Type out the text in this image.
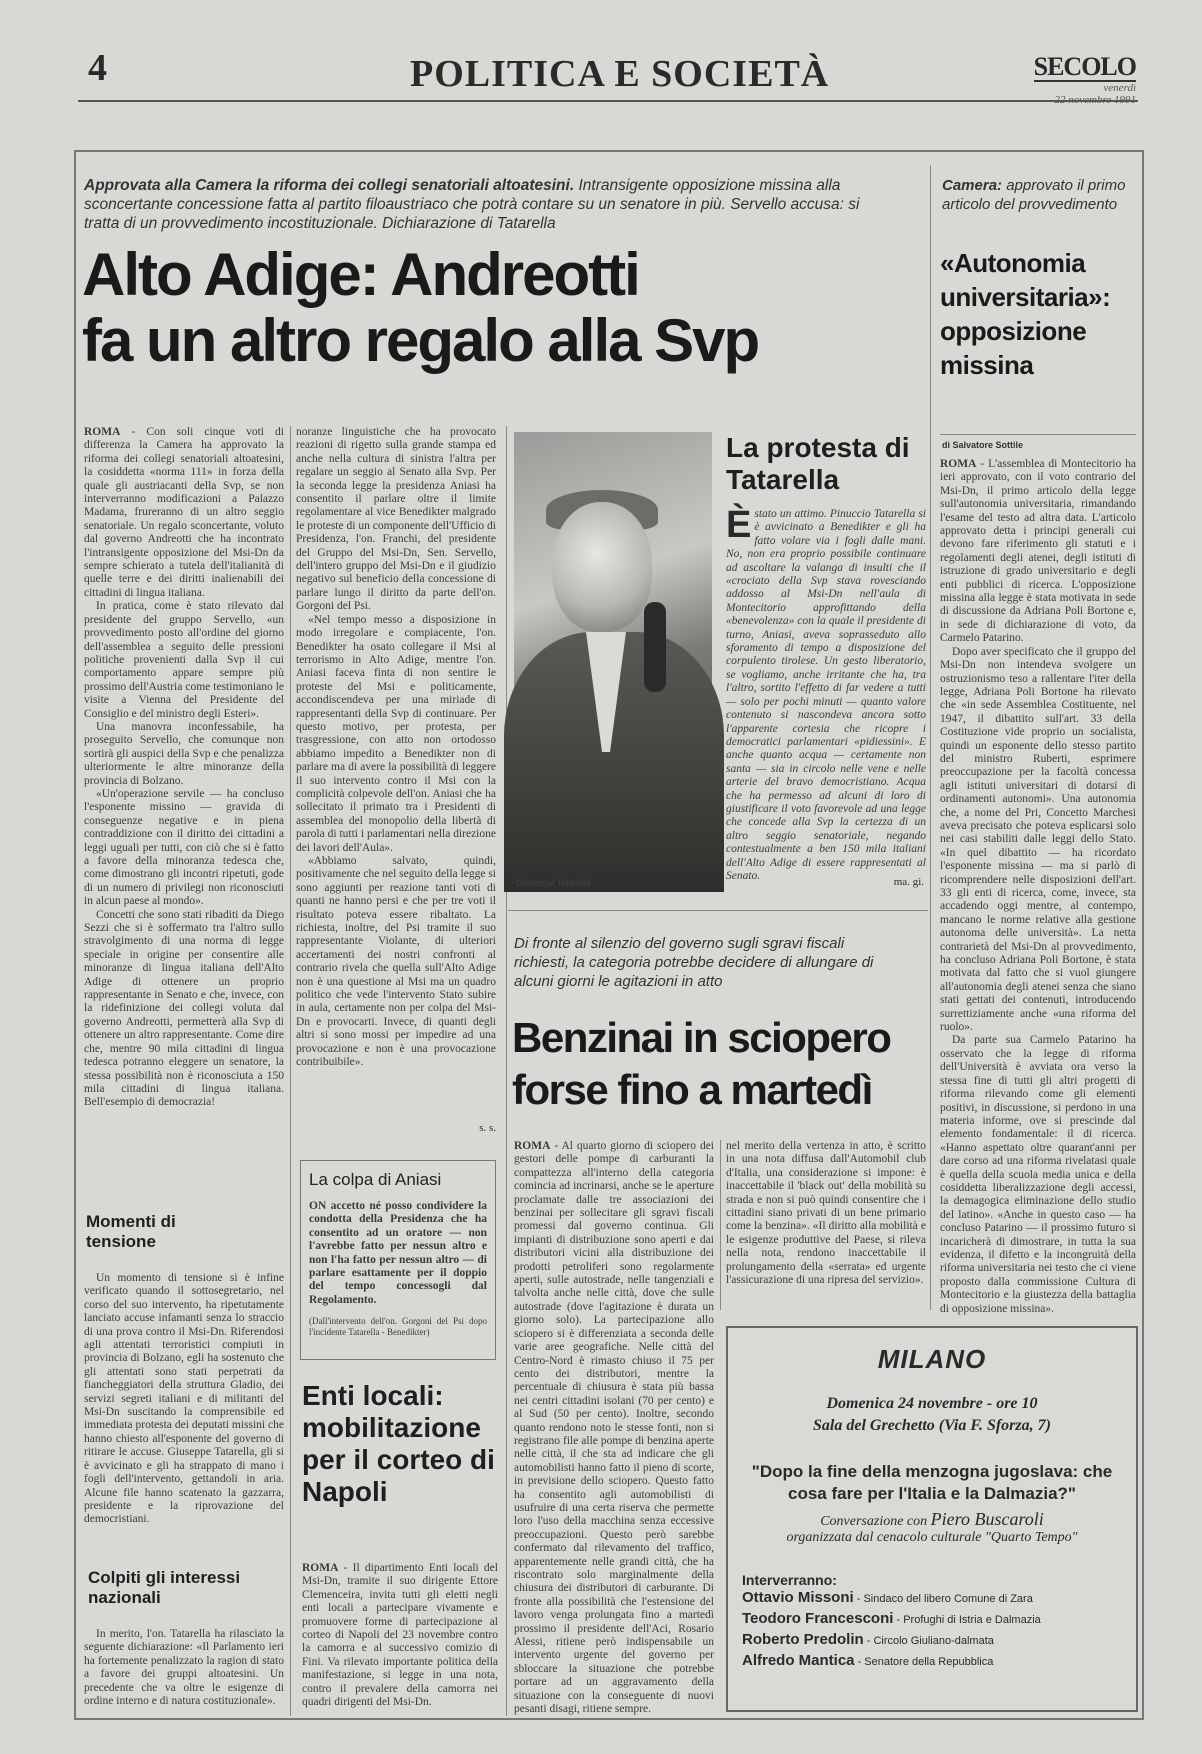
4	POLITICA E SOCIETÀ	SECOLO
venerdì
Approvata alla Camera la riforma dei collegi senatoriali altoatesini. Intransigente opposizione missina alla sconcertante concessione fatta al partito filoaustriaco che potrà contare su un senatore in più. Servello accusa: si tratta di un provvedimento incostituzionale. Dichiarazione di Tatarella
Alto Adige: Andreotti
fa un altro regalo alla Svp

ROMA - Con soli cinque voti di differenza la Camera ha approvato la riforma dei collegi senatoriali altoatesini, la cosiddetta «norma 111» in forza della quale gli austriacanti della Svp, se non interverranno modificazioni a Palazzo Madama, frureranno di un altro seggio senatoriale. Un regalo sconcertante, voluto dal governo Andreotti che ha incontrato l'intransigente opposizione del Msi-Dn da sempre schierato a tutela dell'italianità di quelle terre e dei diritti inalienabili dei cittadini di lingua italiana.

In pratica, come è stato rilevato dal presidente del gruppo Servello, «un provvedimento posto all'ordine del giorno dell'assemblea a seguito delle pressioni politiche provenienti dalla Svp il cui comportamento appare sempre più prossimo dell'Austria come testimoniano le visite a Vienna del Presidente del Consiglio e del ministro degli Esteri».

Una manovra inconfessabile, ha proseguito Servello, che comunque non sortirà gli auspici della Svp e che penalizza ulteriormente le altre minoranze della provincia di Bolzano.

«Un'operazione servile — ha concluso l'esponente missino — gravida di conseguenze negative e in piena contraddizione con il diritto dei cittadini a leggi uguali per tutti, con ciò che si è fatto a favore della minoranza tedesca che, come dimostrano gli incontri ripetuti, gode di un numero di privilegi non riconosciuti in alcun paese al mondo».

Concetti che sono stati ribaditi da Diego Sezzi che si è soffermato tra l'altro sullo stravolgimento di una norma di legge speciale in origine per consentire alle minoranze di lingua italiana dell'Alto Adige di ottenere un proprio rappresentante in Senato e che, invece, con la ridefinizione dei collegi voluta dal governo Andreotti, permetterà alla Svp di ottenere un altro rappresentante. Come dire che, mentre 90 mila cittadini di lingua tedesca potranno eleggere un senatore, la stessa possibilità non è riconosciuta a 150 mila cittadini di lingua italiana. Bell'esempio di democrazia!

Momenti di tensione

Un momento di tensione si è infine verificato quando il sottosegretario, nel corso del suo intervento, ha ripetutamente lanciato accuse infamanti senza lo straccio di una prova contro il Msi-Dn. Riferendosi agli attentati terroristici compiuti in provincia di Bolzano, egli ha sostenuto che gli attentati sono stati perpetrati da fiancheggiatori della struttura Gladio, dei servizi segreti italiani e di militanti del Msi-Dn suscitando la comprensibile ed immediata protesta dei deputati missini che hanno chiesto all'esponente del governo di ritirare le accuse. Giuseppe Tatarella, gli si è avvicinato e gli ha strappato di mano i fogli dell'intervento, gettandoli in aria. Alcune file hanno scatenato la gazzarra, presidente e la riprovazione del democristiani.

Colpiti gli interessi nazionali

In merito, l'on. Tatarella ha rilasciato la seguente dichiarazione: «Il Parlamento ieri ha fortemente penalizzato la ragion di stato a favore dei gruppi altoatesini. Un precedente che va oltre le esigenze di ordine interno e di natura costituzionale».

noranze linguistiche che ha provocato reazioni di rigetto sulla grande stampa ed anche nella cultura di sinistra l'altra per regalare un seggio al Senato alla Svp. Per la seconda legge la presidenza Aniasi ha consentito il parlare oltre il limite regolamentare al vice Benedikter malgrado le proteste di un componente dell'Ufficio di Presidenza, l'on. Franchi, del presidente del Gruppo del Msi-Dn, Sen. Servello, dell'intero gruppo del Msi-Dn e il giudizio negativo sul beneficio della concessione di parlare lungo il diritto da parte dell'on. Gorgoni del Psi.

«Nel tempo messo a disposizione in modo irregolare e compiacente, l'on. Benedikter ha osato collegare il Msi al terrorismo in Alto Adige, mentre l'on. Aniasi faceva finta di non sentire le proteste del Msi e politicamente, accondiscendeva per una miriade di rappresentanti della Svp di continuare. Per questo motivo, per protesta, per trasgressione, con atto non ortodosso abbiamo impedito a Benedikter non di parlare ma di avere la possibilità di leggere il suo intervento contro il Msi con la complicità colpevole dell'on. Aniasi che ha sollecitato il primato tra i Presidenti di assemblea del monopolio della libertà di parola di tutti i parlamentari nella direzione dei lavori dell'Aula».

«Abbiamo salvato, quindi, positivamente che nel seguito della legge si sono aggiunti per reazione tanti voti di quanti ne hanno persi e che per tre voti il risultato poteva essere ribaltato. La richiesta, inoltre, del Psi tramite il suo rappresentante Violante, di ulteriori accertamenti dei nostri confronti al contrario rivela che quella sull'Alto Adige non è una questione al Msi ma un quadro politico che vede l'intervento Stato subire in aula, certamente non per colpa del Msi-Dn e provocarti. Invece, di quanti degli altri si sono mossi per impedire ad una provocazione e non è una provocazione contribuibile».

s. s.
La colpa di Aniasi
ON accetto né posso condividere la condotta della Presidenza che ha consentito ad un oratore — non l'avrebbe fatto per nessun altro e non l'ha fatto per nessun altro — di parlare esattamente per il doppio del tempo concessogli dal Regolamento.
(Dall'intervento dell'on. Gorgoni del Psi dopo l'incidente Tatarella - Benedikter)
Enti locali: mobilitazione per il corteo di Napoli

ROMA - Il dipartimento Enti locali del Msi-Dn, tramite il suo dirigente Ettore Clemenceira, invita tutti gli eletti negli enti locali a partecipare vivamente e promuovere forme di partecipazione al corteo di Napoli del 23 novembre contro la camorra e al successivo comizio di Fini. Va rilevato importante politica della manifestazione, si legge in una nota, contro il prevalere della camorra nei quadri dirigenti del Msi-Dn.

Giuseppe Tatarella
La protesta di Tatarella
È stato un attimo. Pinuccio Tatarella si è avvicinato a Benedikter e gli ha fatto volare via i fogli dalle mani. No, non era proprio possibile continuare ad ascoltare la valanga di insulti che il «crociato della Svp stava rovesciando addosso al Msi-Dn nell'aula di Montecitorio approfittando della «benevolenza» con la quale il presidente di turno, Aniasi, aveva soprasseduto allo sforamento di tempo a disposizione del corpulento tirolese. Un gesto liberatorio, se vogliamo, anche irritante che ha, tra l'altro, sortito l'effetto di far vedere a tutti — solo per pochi minuti — quanto valore contenuto si nascondeva ancora sotto l'apparente cortesia che ricopre i democratici parlamentari «pidiessini». E anche quanto acqua — certamente non santa — sia in circolo nelle vene e nelle arterie del bravo democristiano. Acqua che ha permesso ad alcuni di loro di giustificare il voto favorevole ad una legge che concede alla Svp la certezza di un altro seggio senatoriale, negando contestualmente a ben 150 mila italiani dell'Alto Adige di essere rappresentati al Senato.
ma. gi.
Di fronte al silenzio del governo sugli sgravi fiscali richiesti, la categoria potrebbe decidere di allungare di alcuni giorni le agitazioni in atto
Benzinai in sciopero
forse fino a martedì

ROMA - Al quarto giorno di sciopero dei gestori delle pompe di carburanti la compattezza all'interno della categoria comincia ad incrinarsi, anche se le aperture proclamate dalle tre associazioni dei benzinai per sollecitare gli sgravi fiscali promessi dal governo continua. Gli impianti di distribuzione sono aperti e dai distributori vicini alla distribuzione dei prodotti petroliferi sono regolarmente aperti, sulle autostrade, nelle tangenziali e talvolta anche nelle città, dove che sulle autostrade (dove l'agitazione è durata un giorno solo). La partecipazione allo sciopero si è differenziata a seconda delle varie aree geografiche. Nelle città del Centro-Nord è rimasto chiuso il 75 per cento dei distributori, mentre la percentuale di chiusura è stata più bassa nei centri cittadini isolani (70 per cento) e al Sud (50 per cento). Inoltre, secondo quanto rendono noto le stesse fonti, non si registrano file alle pompe di benzina aperte nelle città, il che sta ad indicare che gli automobilisti hanno fatto il pieno di scorte, in previsione dello sciopero. Questo fatto ha consentito agli automobilisti di usufruire di una certa riserva che permette loro l'uso della macchina senza eccessive preoccupazioni. Questo però sarebbe confermato dal rilevamento del traffico, apparentemente nelle grandi città, che ha riscontrato solo marginalmente della chiusura dei distributori di carburante. Di fronte alla possibilità che l'estensione del lavoro venga prolungata fino a martedì prossimo il presidente dell'Aci, Rosario Alessi, ritiene però indispensabile un intervento urgente del governo per sbloccare la situazione che potrebbe portare ad un aggravamento della situazione con la conseguente di nuovi pesanti disagi, ritiene sempre.

nel merito della vertenza in atto, è scritto in una nota diffusa dall'Automobil club d'Italia, una considerazione si impone: è inaccettabile il 'black out' della mobilità su strada e non si può quindi consentire che i cittadini siano privati di un bene primario come la benzina». «Il diritto alla mobilità e le esigenze produttive del Paese, si rileva nella nota, rendono inaccettabile il prolungamento della «serrata» ed urgente l'assicurazione di una ripresa del servizio».

Camera: approvato il primo articolo del provvedimento
«Autonomia universitaria»: opposizione missina
di Salvatore Sottile

ROMA - L'assemblea di Montecitorio ha ieri approvato, con il voto contrario del Msi-Dn, il primo articolo della legge sull'autonomia universitaria, rimandando l'esame del testo ad altra data. L'articolo approvato detta i principi generali cui devono fare riferimento gli statuti e i regolamenti degli atenei, degli istituti di istruzione di grado universitario e degli enti pubblici di ricerca. L'opposizione missina alla legge è stata motivata in sede di discussione da Adriana Poli Bortone e, in sede di dichiarazione di voto, da Carmelo Patarino.

Dopo aver specificato che il gruppo del Msi-Dn non intendeva svolgere un ostruzionismo teso a rallentare l'iter della legge, Adriana Poli Bortone ha rilevato che «in sede Assemblea Costituente, nel 1947, il dibattito sull'art. 33 della Costituzione vide proprio un socialista, quindi un esponente dello stesso partito del ministro Ruberti, esprimere preoccupazione per la facoltà concessa agli istituti universitari di dotarsi di ordinamenti autonomi». Una autonomia che, a nome del Pri, Concetto Marchesi aveva precisato che poteva esplicarsi solo nei casi stabiliti dalle leggi dello Stato. «In quel dibattito — ha ricordato l'esponente missina — ma si parlò di ricomprendere nelle disposizioni dell'art. 33 gli enti di ricerca, come, invece, sta accadendo oggi mentre, al contempo, mancano le norme relative alla gestione autonoma delle università». La netta contrarietà del Msi-Dn al provvedimento, ha concluso Adriana Poli Bortone, è stata motivata dal fatto che si vuol giungere all'autonomia degli atenei senza che siano stati gettati dei contenuti, introducendo surrettiziamente anche «una riforma del ruolo».

Da parte sua Carmelo Patarino ha osservato che la legge di riforma dell'Università è avviata ora verso la stessa fine di tutti gli altri progetti di riforma rilevando come gli elementi positivi, in discussione, si perdono in una materia informe, ove si prescinde dal elemento fondamentale: il di ricerca. «Hanno aspettato oltre quarant'anni per dare corso ad una riforma rivelatasi quale è quella della scuola media unica e della cosiddetta liberalizzazione degli accessi, la demagogica eliminazione dello studio del latino». «Anche in questo caso — ha concluso Patarino — il prossimo futuro si incaricherà di dimostrare, in tutta la sua evidenza, il difetto e la incongruità della riforma universitaria nei testo che ci viene proposto dalla commissione Cultura di Montecitorio e la giustezza della battaglia di opposizione missina».

MILANO
Domenica 24 novembre - ore 10
Sala del Grechetto (Via F. Sforza, 7)
"Dopo la fine della menzogna jugoslava: che cosa fare per l'Italia e la Dalmazia?"
Conversazione con Piero Buscaroli
organizzata dal cenacolo culturale "Quarto Tempo"
Interverranno:
Ottavio Missoni - Sindaco del libero Comune di Zara
Teodoro Francesconi - Profughi di Istria e Dalmazia
Roberto Predolin - Circolo Giuliano-dalmata
Alfredo Mantica - Senatore della Repubblica
